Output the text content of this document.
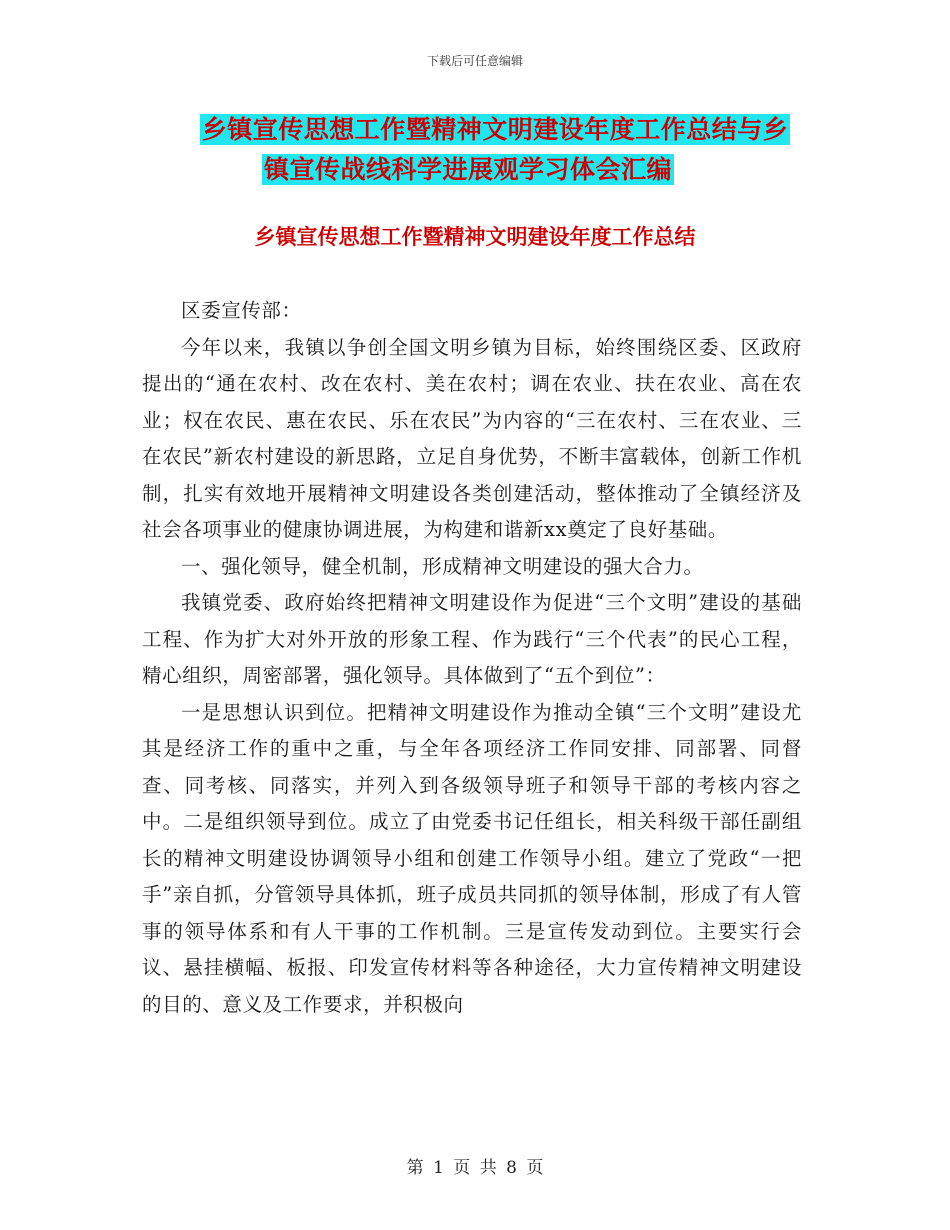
下载后可任意编辑
乡镇宣传思想工作暨精神文明建设年度工作总结与乡
镇宣传战线科学进展观学习体会汇编
乡镇宣传思想工作暨精神文明建设年度工作总结

区委宣传部：

今年以来，我镇以争创全国文明乡镇为目标，始终围绕区委、区政府提出的“通在农村、改在农村、美在农村；调在农业、扶在农业、高在农业；权在农民、惠在农民、乐在农民”为内容的“三在农村、三在农业、三在农民”新农村建设的新思路，立足自身优势，不断丰富载体，创新工作机制，扎实有效地开展精神文明建设各类创建活动，整体推动了全镇经济及社会各项事业的健康协调进展，为构建和谐新xx奠定了良好基础。

一、强化领导，健全机制，形成精神文明建设的强大合力。

我镇党委、政府始终把精神文明建设作为促进“三个文明”建设的基础工程、作为扩大对外开放的形象工程、作为践行“三个代表”的民心工程，精心组织，周密部署，强化领导。具体做到了“五个到位”：

一是思想认识到位。把精神文明建设作为推动全镇“三个文明”建设尤其是经济工作的重中之重，与全年各项经济工作同安排、同部署、同督查、同考核、同落实，并列入到各级领导班子和领导干部的考核内容之中。二是组织领导到位。成立了由党委书记任组长，相关科级干部任副组长的精神文明建设协调领导小组和创建工作领导小组。建立了党政“一把手”亲自抓，分管领导具体抓，班子成员共同抓的领导体制，形成了有人管事的领导体系和有人干事的工作机制。三是宣传发动到位。主要实行会议、悬挂横幅、板报、印发宣传材料等各种途径，大力宣传精神文明建设的目的、意义及工作要求，并积极向

第 1 页 共 8 页
